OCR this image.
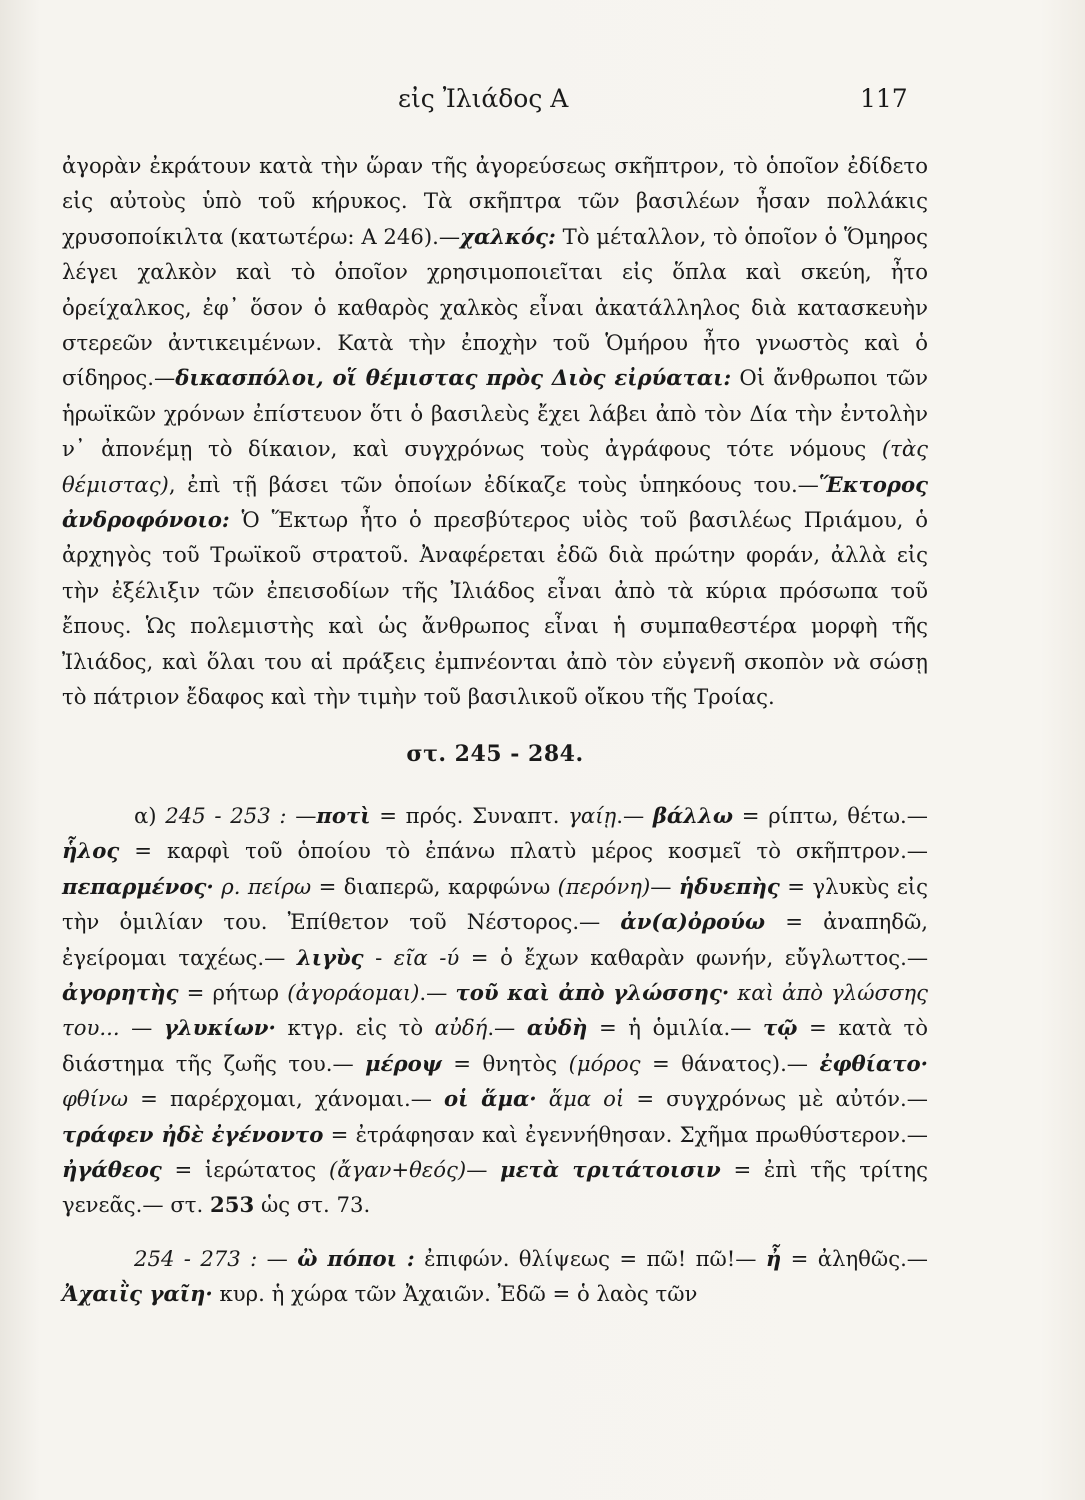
εἰς Ἰλιάδος Α	117

ἀγορὰν ἐκράτουν κατὰ τὴν ὥραν τῆς ἀγορεύσεως σκῆπτρον, τὸ ὁποῖον ἐδίδετο εἰς αὐτοὺς ὑπὸ τοῦ κήρυκος. Τὰ σκῆπτρα τῶν βασιλέων ἦσαν πολλάκις χρυσοποίκιλτα (κατωτέρω: Α 246).—χαλκός: Τὸ μέταλλον, τὸ ὁποῖον ὁ Ὅμηρος λέγει χαλκὸν καὶ τὸ ὁποῖον χρησιμοποιεῖται εἰς ὅπλα καὶ σκεύη, ἦτο ὀρείχαλκος, ἐφ᾽ ὅσον ὁ καθαρὸς χαλκὸς εἶναι ἀκατάλληλος διὰ κατασκευὴν στερεῶν ἀντικειμένων. Κατὰ τὴν ἐποχὴν τοῦ Ὁμήρου ἦτο γνωστὸς καὶ ὁ σίδηρος.—δικασπόλοι, οἵ θέμιστας πρὸς Διὸς εἰρύαται: Οἱ ἄνθρωποι τῶν ἡρωϊκῶν χρόνων ἐπίστευον ὅτι ὁ βασιλεὺς ἔχει λάβει ἀπὸ τὸν Δία τὴν ἐντολὴν ν᾽ ἀπονέμῃ τὸ δίκαιον, καὶ συγχρόνως τοὺς ἀγράφους τότε νόμους (τὰς θέμιστας), ἐπὶ τῇ βάσει τῶν ὁποίων ἐδίκαζε τοὺς ὑπηκόους του.—Ἕκτορος ἀνδροφόνοιο: Ὁ Ἕκτωρ ἦτο ὁ πρεσβύτερος υἱὸς τοῦ βασιλέως Πριάμου, ὁ ἀρχηγὸς τοῦ Τρωϊκοῦ στρατοῦ. Ἀναφέρεται ἐδῶ διὰ πρώτην φοράν, ἀλλὰ εἰς τὴν ἐξέλιξιν τῶν ἐπεισοδίων τῆς Ἰλιάδος εἶναι ἀπὸ τὰ κύρια πρόσωπα τοῦ ἔπους. Ὡς πολεμιστὴς καὶ ὡς ἄνθρωπος εἶναι ἡ συμπαθεστέρα μορφὴ τῆς Ἰλιάδος, καὶ ὅλαι του αἱ πράξεις ἐμπνέονται ἀπὸ τὸν εὐγενῆ σκοπὸν νὰ σώσῃ τὸ πάτριον ἔδαφος καὶ τὴν τιμὴν τοῦ βασιλικοῦ οἴκου τῆς Τροίας.

στ. 245 - 284.

α) 245 - 253 : —ποτὶ = πρός. Συναπτ. γαίῃ.— βάλλω = ρίπτω, θέτω.— ἧλος = καρφὶ τοῦ ὁποίου τὸ ἐπάνω πλατὺ μέρος κοσμεῖ τὸ σκῆπτρον.— πεπαρμένος· ρ. πείρω = διαπερῶ, καρφώνω (περόνη)— ἡδυεπὴς = γλυκὺς εἰς τὴν ὁμιλίαν του. Ἐπίθετον τοῦ Νέστορος.— ἀν(α)ὀρούω = ἀναπηδῶ, ἐγείρομαι ταχέως.— λιγὺς - εῖα -ύ = ὁ ἔχων καθαρὰν φωνήν, εὔγλωττος.— ἀγορητὴς = ρήτωρ (ἀγοράομαι).— τοῦ καὶ ἀπὸ γλώσσης· καὶ ἀπὸ γλώσσης του... — γλυκίων· κτγρ. εἰς τὸ αὐδή.— αὐδὴ = ἡ ὁμιλία.— τῷ = κατὰ τὸ διάστημα τῆς ζωῆς του.— μέροψ = θνητὸς (μόρος = θάνατος).— ἐφθίατο· φθίνω = παρέρχομαι, χάνομαι.— οἱ ἅμα· ἅμα οἱ = συγχρόνως μὲ αὐτόν.— τράφεν ἠδὲ ἐγένοντο = ἐτράφησαν καὶ ἐγεννήθησαν. Σχῆμα πρωθύστερον.— ἠγάθεος = ἱερώτατος (ἄγαν+θεός)— μετὰ τριτάτοισιν = ἐπὶ τῆς τρίτης γενεᾶς.— στ. 253 ὡς στ. 73.

254 - 273 : — ὢ πόποι : ἐπιφών. θλίψεως = πῶ! πῶ!— ἦ = ἀληθῶς.— Ἀχαιῒς γαῖη· κυρ. ἡ χώρα τῶν Ἀχαιῶν. Ἐδῶ = ὁ λαὸς τῶν
